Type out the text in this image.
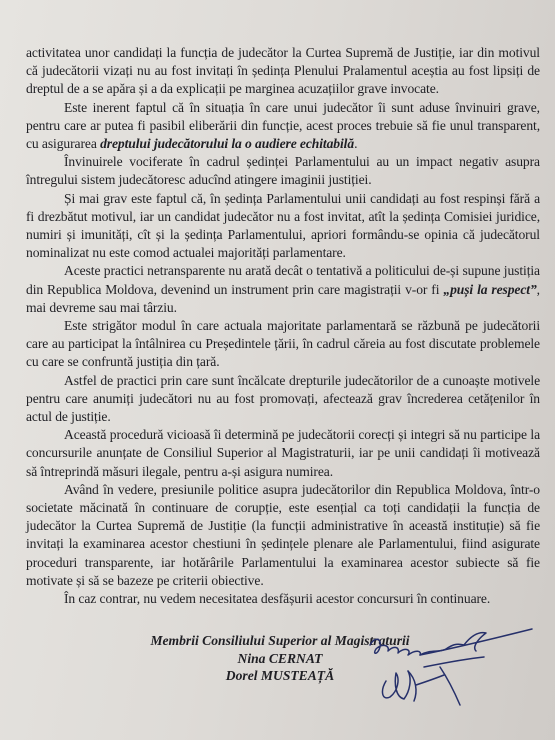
activitatea unor candidați la funcția de judecător la Curtea Supremă de Justiție, iar din motivul că judecătorii vizați nu au fost invitați în ședința Plenului Pralamentul aceștia au fost lipsiți de dreptul de a se apăra și a da explicații pe marginea acuzațiilor grave invocate.

Este inerent faptul că în situația în care unui judecător îi sunt aduse învinuiri grave, pentru care ar putea fi pasibil eliberării din funcție, acest proces trebuie să fie unul transparent, cu asigurarea dreptului judecătorului la o audiere echitabilă.

Învinuirele vociferate în cadrul ședinței Parlamentului au un impact negativ asupra întregului sistem judecătoresc aducînd atingere imaginii justiției.

Și mai grav este faptul că, în ședința Parlamentului unii candidați au fost respinși fără a fi drezbătut motivul, iar un candidat judecător nu a fost invitat, atît la ședința Comisiei juridice, numiri și imunități, cît și la ședința Parlamentului, apriori formându-se opinia că judecătorul nominalizat nu este comod actualei majorități parlamentare.

Aceste practici netransparente nu arată decât o tentativă a politicului de-și supune justiția din Republica Moldova, devenind un instrument prin care magistrații v-or fi „puși la respect”, mai devreme sau mai târziu.

Este strigător modul în care actuala majoritate parlamentară se răzbună pe judecătorii care au participat la întâlnirea cu Președintele țării, în cadrul căreia au fost discutate problemele cu care se confruntă justiția din țară.

Astfel de practici prin care sunt încălcate drepturile judecătorilor de a cunoaște motivele pentru care anumiți judecători nu au fost promovați, afectează grav încrederea cetățenilor în actul de justiție.

Această procedură vicioasă îi determină pe judecătorii corecți și integri să nu participe la concursurile anunțate de Consiliul Superior al Magistraturii, iar pe unii candidați îi motivează să întreprindă măsuri ilegale, pentru a-și asigura numirea.

Având în vedere, presiunile politice asupra judecătorilor din Republica Moldova, într-o societate măcinată în continuare de corupție, este esențial ca toți candidații la funcția de judecător la Curtea Supremă de Justiție (la funcții administrative în această instituție) să fie invitați la examinarea acestor chestiuni în ședințele plenare ale Parlamentului, fiind asigurate proceduri transparente, iar hotărârile Parlamentului la examinarea acestor subiecte să fie motivate și să se bazeze pe criterii obiective.

În caz contrar, nu vedem necesitatea desfășurii acestor concursuri în continuare.

Membrii Consiliului Superior al Magistraturii
Nina CERNAT
Dorel MUSTEAȚĂ
